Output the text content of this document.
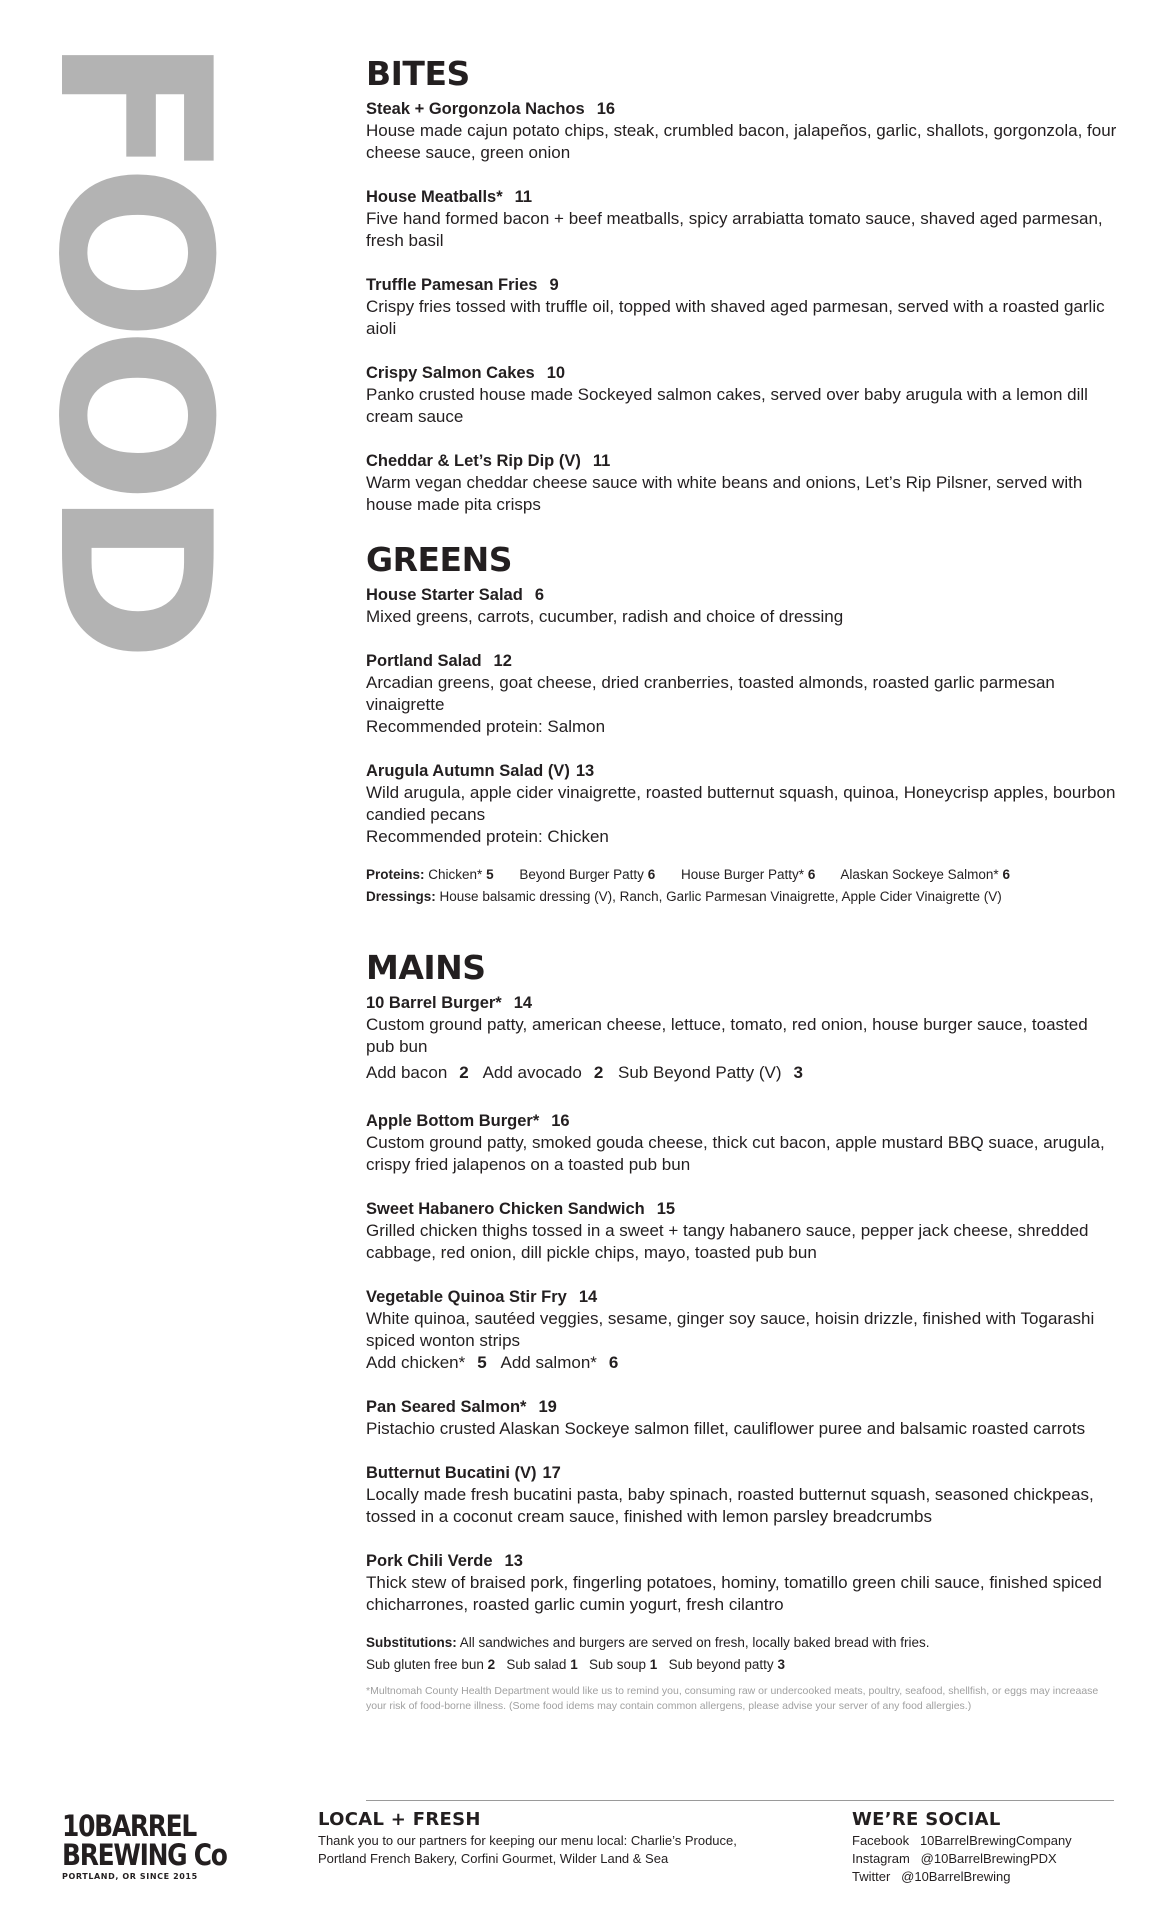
FOOD	BITES
Steak + Gorgonzola Nachos 16
House made cajun potato chips, steak, crumbled bacon, jalapeños, garlic, shallots, gorgonzola, four cheese sauce, green onion
House Meatballs* 11
Five hand formed bacon + beef meatballs, spicy arrabiatta tomato sauce, shaved aged parmesan, fresh basil
Truffle Pamesan Fries 9
Crispy fries tossed with truffle oil, topped with shaved aged parmesan, served with a roasted garlic aioli
Crispy Salmon Cakes 10
Panko crusted house made Sockeyed salmon cakes, served over baby arugula with a lemon dill cream sauce
Cheddar & Let’s Rip Dip (V) 11
Warm vegan cheddar cheese sauce with white beans and onions, Let’s Rip Pilsner, served with house made pita crisps
GREENS
House Starter Salad 6
Mixed greens, carrots, cucumber, radish and choice of dressing
Portland Salad 12
Arcadian greens, goat cheese, dried cranberries, toasted almonds, roasted garlic parmesan vinaigrette
Recommended protein: Salmon
Arugula Autumn Salad (V) 13
Wild arugula, apple cider vinaigrette, roasted butternut squash, quinoa, Honeycrisp apples, bourbon candied pecans
Recommended protein: Chicken
Proteins: Chicken* 5 Beyond Burger Patty 6 House Burger Patty* 6 Alaskan Sockeye Salmon* 6
Dressings: House balsamic dressing (V), Ranch, Garlic Parmesan Vinaigrette, Apple Cider Vinaigrette (V)
MAINS
10 Barrel Burger* 14
Custom ground patty, american cheese, lettuce, tomato, red onion, house burger sauce, toasted pub bun
Add bacon 2 Add avocado 2 Sub Beyond Patty (V) 3
Apple Bottom Burger* 16
Custom ground patty, smoked gouda cheese, thick cut bacon, apple mustard BBQ suace, arugula, crispy fried jalapenos on a toasted pub bun
Sweet Habanero Chicken Sandwich 15
Grilled chicken thighs tossed in a sweet + tangy habanero sauce, pepper jack cheese, shredded cabbage, red onion, dill pickle chips, mayo, toasted pub bun
Vegetable Quinoa Stir Fry 14
White quinoa, sautéed veggies, sesame, ginger soy sauce, hoisin drizzle, finished with Togarashi spiced wonton strips
Add chicken* 5 Add salmon* 6
Pan Seared Salmon* 19
Pistachio crusted Alaskan Sockeye salmon fillet, cauliflower puree and balsamic roasted carrots
Butternut Bucatini (V) 17
Locally made fresh bucatini pasta, baby spinach, roasted butternut squash, seasoned chickpeas, tossed in a coconut cream sauce, finished with lemon parsley breadcrumbs
Pork Chili Verde 13
Thick stew of braised pork, fingerling potatoes, hominy, tomatillo green chili sauce, finished spiced chicharrones, roasted garlic cumin yogurt, fresh cilantro
Substitutions: All sandwiches and burgers are served on fresh, locally baked bread with fries.
Sub gluten free bun 2 Sub salad 1 Sub soup 1 Sub beyond patty 3
*Multnomah County Health Department would like us to remind you, consuming raw or undercooked meats, poultry, seafood, shellfish, or eggs may increaase your risk of food-borne illness. (Some food idems may contain common allergens, please advise your server of any food allergies.)
10BARREL
BREWING Co
PORTLAND, OR SINCE 2015
LOCAL + FRESH
Thank you to our partners for keeping our menu local: Charlie’s Produce,
Portland French Bakery, Corfini Gourmet, Wilder Land & Sea
WE’RE SOCIAL
Facebook 10BarrelBrewingCompany
Instagram @10BarrelBrewingPDX
Twitter @10BarrelBrewing
